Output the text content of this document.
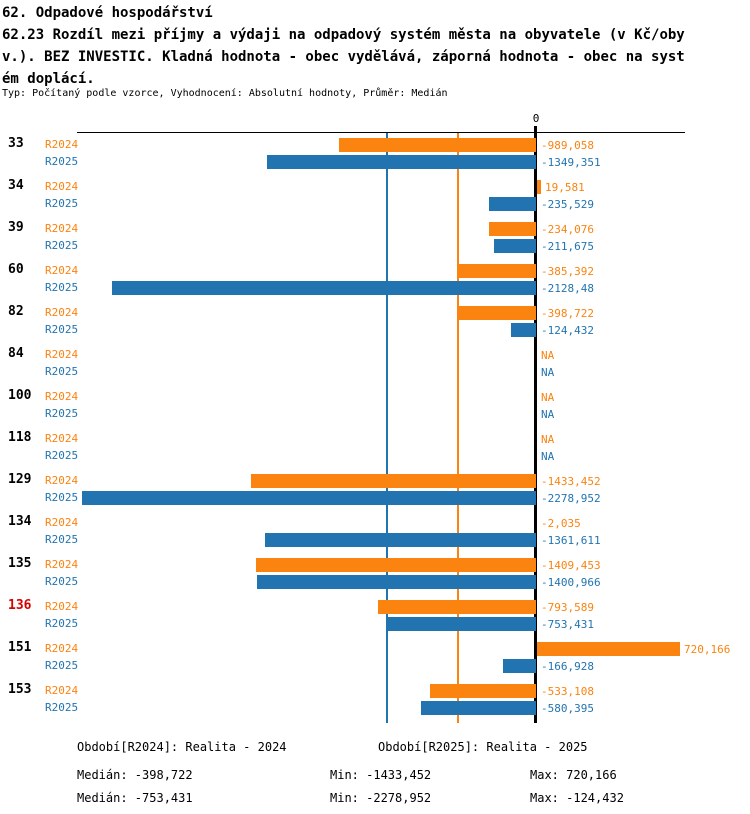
62. Odpadové hospodářství
62.23 Rozdíl mezi příjmy a výdaji na odpadový systém města na obyvatele (v Kč/oby
v.). BEZ INVESTIC. Kladná hodnota - obec vydělává, záporná hodnota - obec na syst
ém doplácí.
Typ: Počítaný podle vzorce, Vyhodnocení: Absolutní hodnoty, Průměr: Medián
0
33 R2024	-989,058
R2025	-1349,351
34 R2024	19,581
R2025	-235,529
39 R2024	-234,076
R2025	-211,675
60 R2024	-385,392
R2025	-2128,48
82 R2024	-398,722
R2025	-124,432
84 R2024	NA
R2025	NA
100 R2024	NA
R2025	NA
118 R2024	NA
R2025	NA
129 R2024	-1433,452
R2025	-2278,952
134 R2024	-2,035
R2025	-1361,611
135 R2024	-1409,453
R2025	-1400,966
136 R2024	-793,589
R2025	-753,431
151 R2024	720,166
R2025	-166,928
153 R2024	-533,108
R2025	-580,395
Období[R2024]: Realita - 2024	Období[R2025]: Realita - 2025
Medián: -398,722	Min: -1433,452	Max: 720,166
Medián: -753,431	Min: -2278,952	Max: -124,432
